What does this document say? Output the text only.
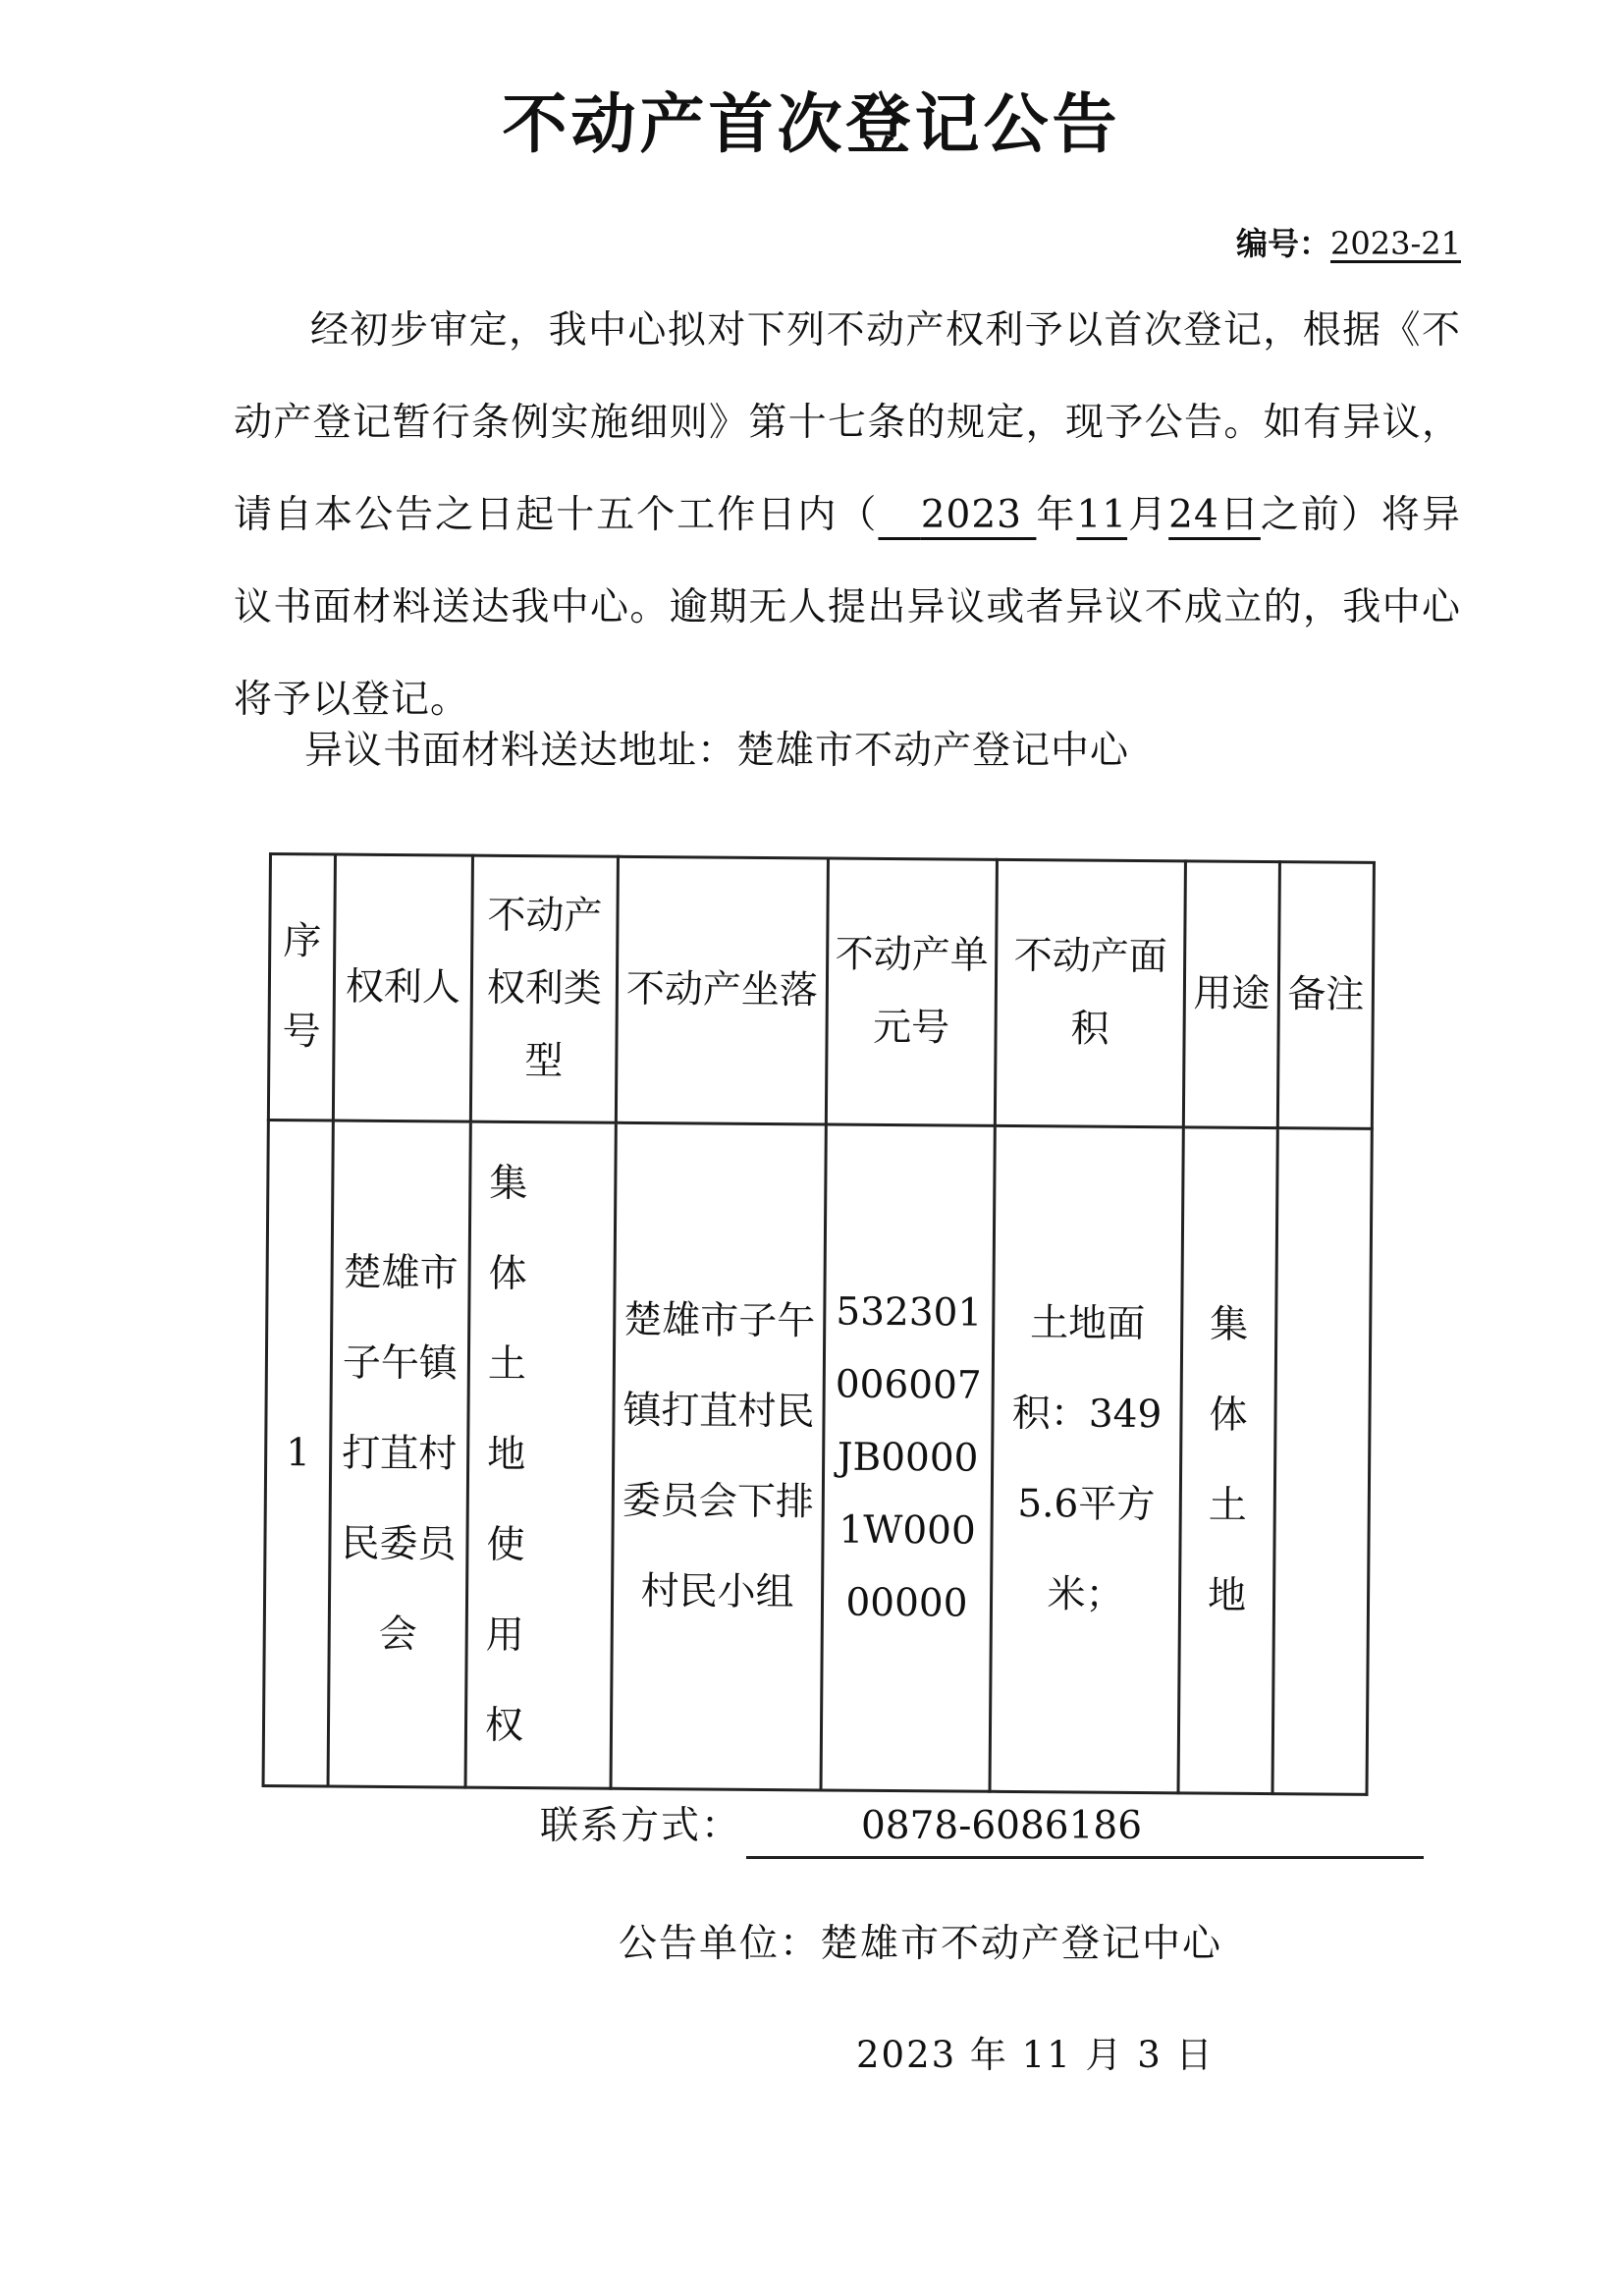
不动产首次登记公告
编号：2023-21
经初步审定，我中心拟对下列不动产权利予以首次登记，根据《不动产登记暂行条例实施细则》第十七条的规定，现予公告。如有异议，请自本公告之日起十五个工作日内（ 2023 年11月24日之前）将异议书面材料送达我中心。逾期无人提出异议或者异议不成立的，我中心将予以登记。
异议书面材料送达地址：楚雄市不动产登记中心
序号	权利人	不动产权利类型	不动产坐落	不动产单元号	不动产面积	用途	备注
1	楚雄市子午镇打苴村民委员会	集体土地使用权	楚雄市子午镇打苴村民委员会下排村民小组	532301006007JB00001W00000000	土地面积：3495.6平方米；	集体土地	
联系方式：	0878-6086186
公告单位：楚雄市不动产登记中心
2023 年 11 月 3 日
